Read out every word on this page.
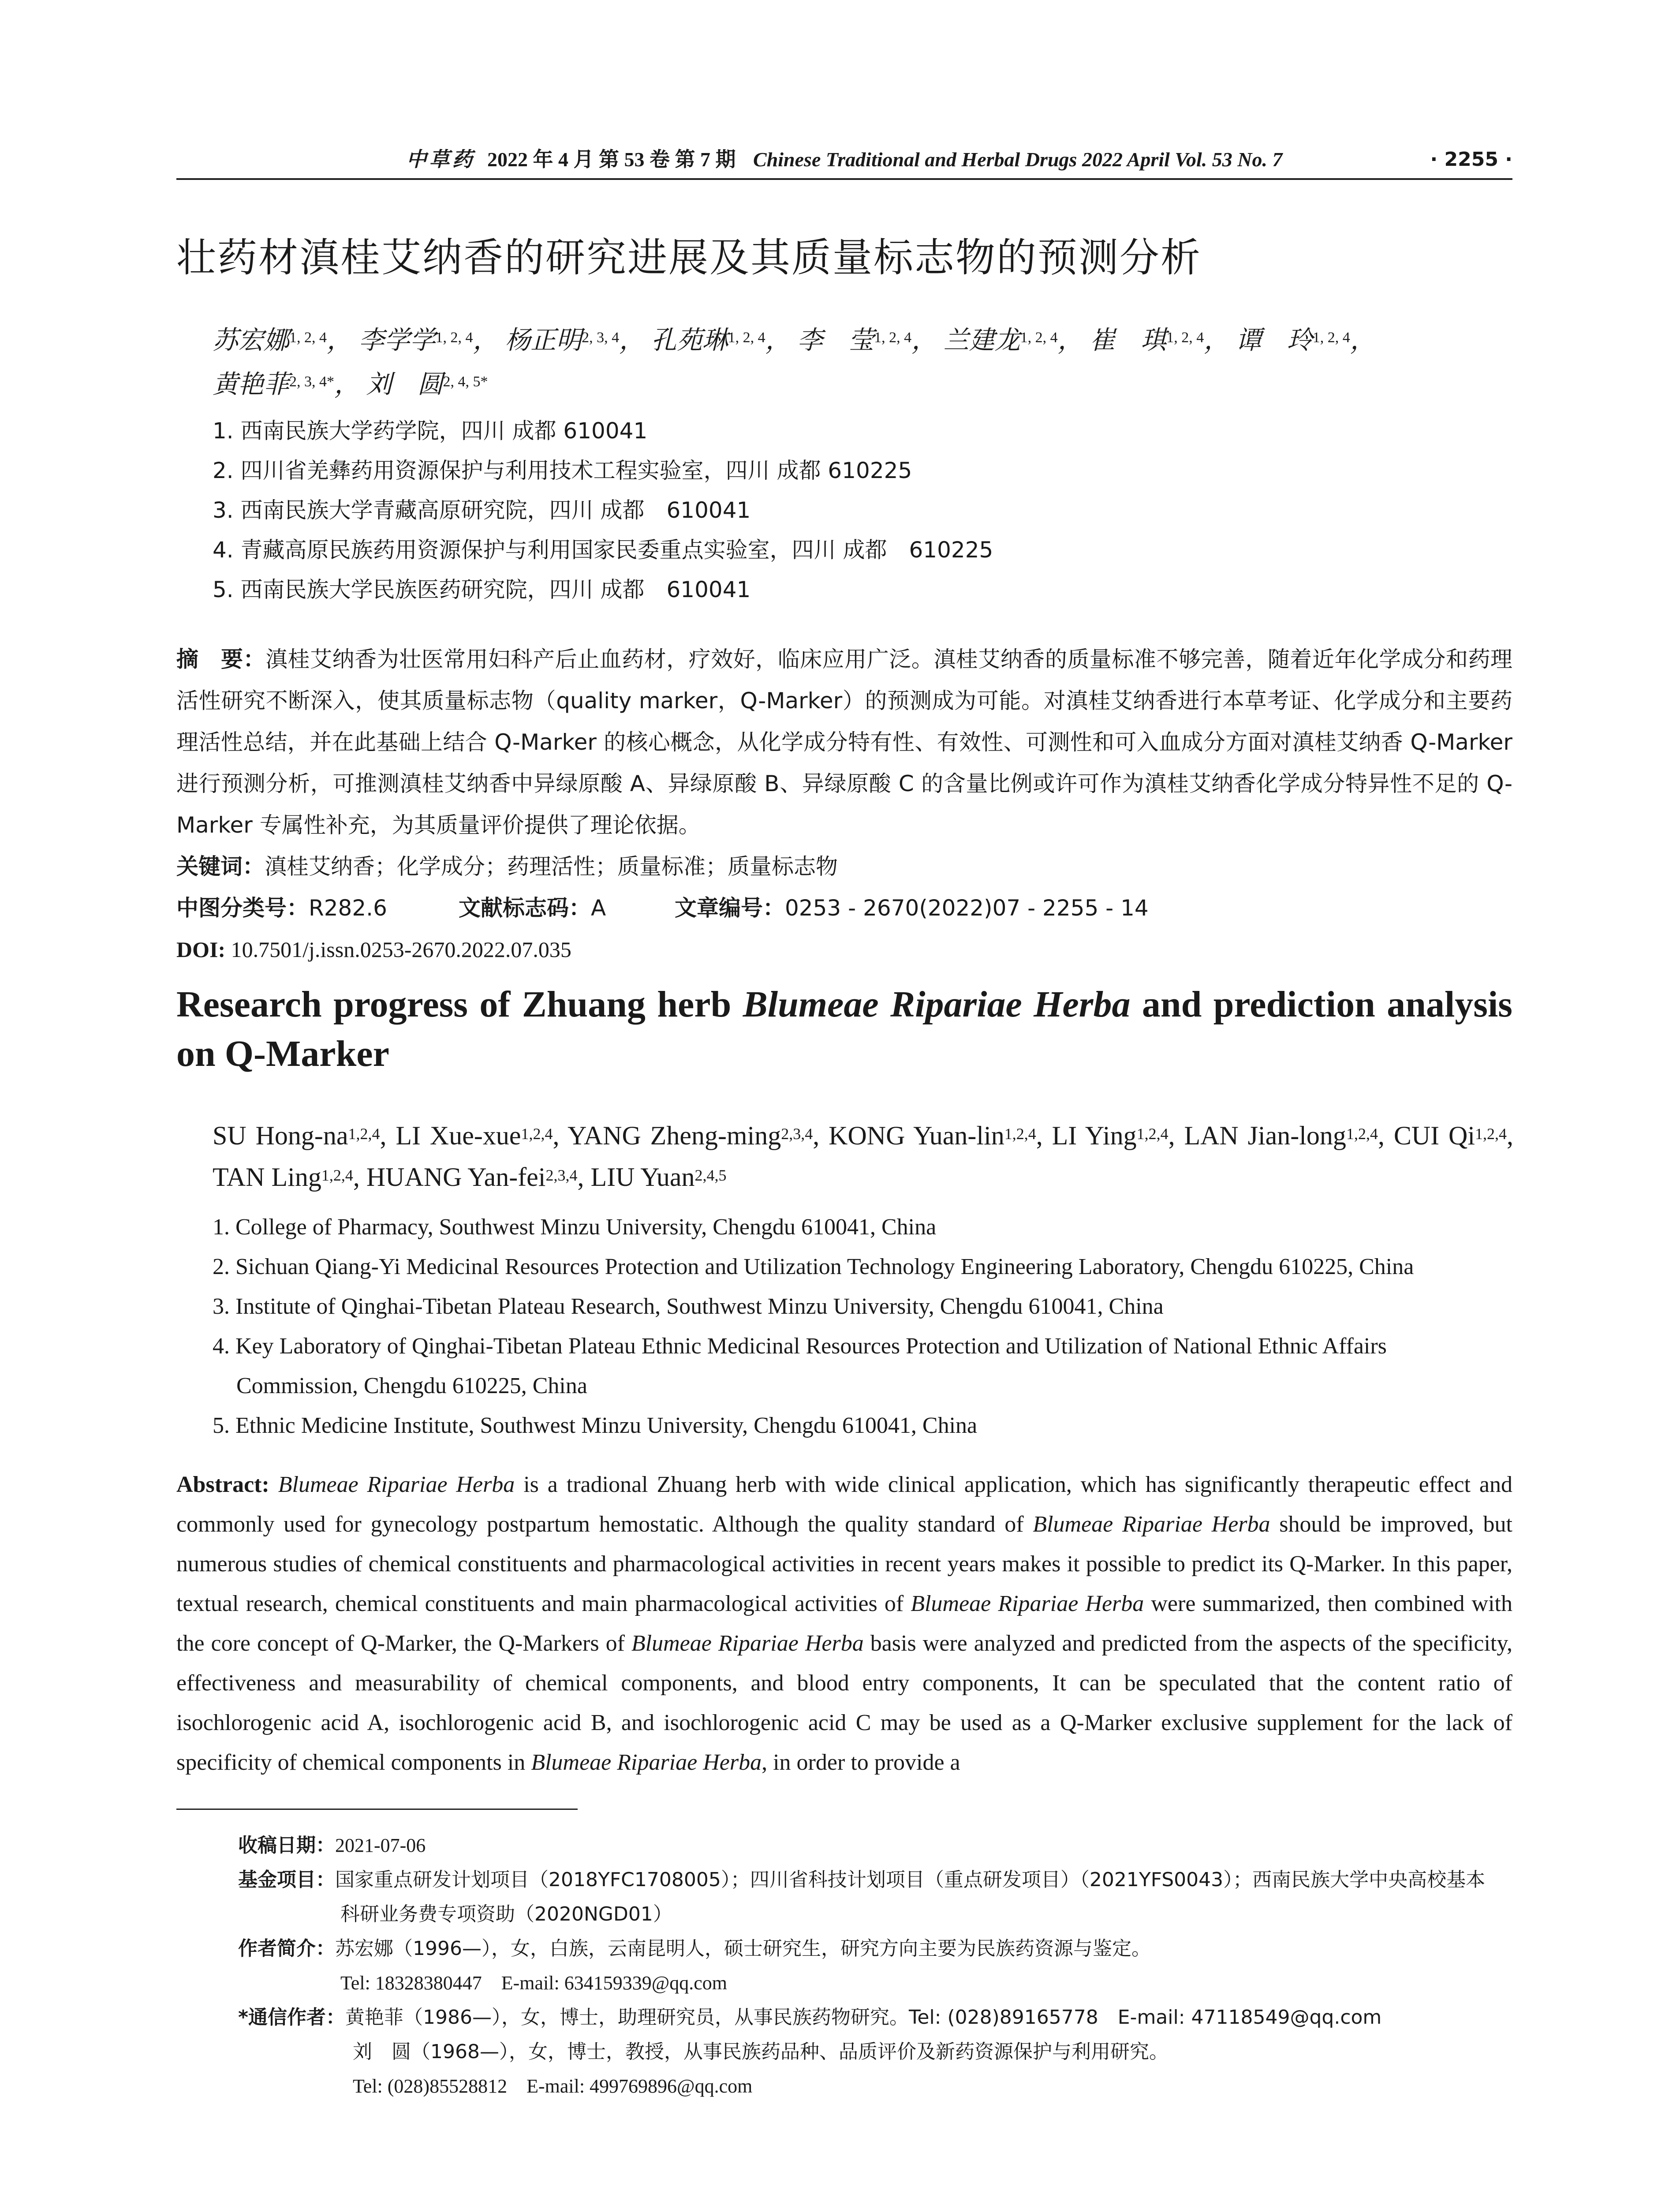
中草药 2022 年 4 月 第 53 卷 第 7 期 Chinese Traditional and Herbal Drugs 2022 April Vol. 53 No. 7	· 2255 ·
壮药材滇桂艾纳香的研究进展及其质量标志物的预测分析
苏宏娜$^{1, 2, 4}$， 李学学$^{1, 2, 4}$， 杨正明$^{2, 3, 4}$， 孔苑琳$^{1, 2, 4}$， 李　莹$^{1, 2, 4}$， 兰建龙$^{1, 2, 4}$， 崔　琪$^{1, 2, 4}$， 谭　玲$^{1, 2, 4}$，
黄艳菲$^{2, 3, 4*}$， 刘　圆$^{2, 4, 5*}$
1. 西南民族大学药学院，四川 成都 610041
2. 四川省羌彝药用资源保护与利用技术工程实验室，四川 成都 610225
3. 西南民族大学青藏高原研究院，四川 成都　610041
4. 青藏高原民族药用资源保护与利用国家民委重点实验室，四川 成都　610225
5. 西南民族大学民族医药研究院，四川 成都　610041
摘　要：滇桂艾纳香为壮医常用妇科产后止血药材，疗效好，临床应用广泛。滇桂艾纳香的质量标准不够完善，随着近年化学成分和药理活性研究不断深入，使其质量标志物（quality marker，Q-Marker）的预测成为可能。对滇桂艾纳香进行本草考证、化学成分和主要药理活性总结，并在此基础上结合 Q-Marker 的核心概念，从化学成分特有性、有效性、可测性和可入血成分方面对滇桂艾纳香 Q-Marker 进行预测分析，可推测滇桂艾纳香中异绿原酸 A、异绿原酸 B、异绿原酸 C 的含量比例或许可作为滇桂艾纳香化学成分特异性不足的 Q-Marker 专属性补充，为其质量评价提供了理论依据。
关键词：滇桂艾纳香；化学成分；药理活性；质量标准；质量标志物
中图分类号：R282.6	文献标志码：A	文章编号：0253 - 2670(2022)07 - 2255 - 14
DOI: 10.7501/j.issn.0253-2670.2022.07.035
Research progress of Zhuang herb Blumeae Ripariae Herba and prediction analysis on Q-Marker
SU Hong-na$^{1,2,4}$, LI Xue-xue$^{1,2,4}$, YANG Zheng-ming$^{2,3,4}$, KONG Yuan-lin$^{1,2,4}$, LI Ying$^{1,2,4}$, LAN Jian-long$^{1,2,4}$, CUI Qi$^{1,2,4}$, TAN Ling$^{1,2,4}$, HUANG Yan-fei$^{2,3,4}$, LIU Yuan$^{2,4,5}$
1. College of Pharmacy, Southwest Minzu University, Chengdu 610041, China
2. Sichuan Qiang-Yi Medicinal Resources Protection and Utilization Technology Engineering Laboratory, Chengdu 610225, China
3. Institute of Qinghai-Tibetan Plateau Research, Southwest Minzu University, Chengdu 610041, China
4. Key Laboratory of Qinghai-Tibetan Plateau Ethnic Medicinal Resources Protection and Utilization of National Ethnic Affairs
Commission, Chengdu 610225, China
5. Ethnic Medicine Institute, Southwest Minzu University, Chengdu 610041, China
Abstract: Blumeae Ripariae Herba is a tradional Zhuang herb with wide clinical application, which has significantly therapeutic effect and commonly used for gynecology postpartum hemostatic. Although the quality standard of Blumeae Ripariae Herba should be improved, but numerous studies of chemical constituents and pharmacological activities in recent years makes it possible to predict its Q-Marker. In this paper, textual research, chemical constituents and main pharmacological activities of Blumeae Ripariae Herba were summarized, then combined with the core concept of Q-Marker, the Q-Markers of Blumeae Ripariae Herba basis were analyzed and predicted from the aspects of the specificity, effectiveness and measurability of chemical components, and blood entry components, It can be speculated that the content ratio of isochlorogenic acid A, isochlorogenic acid B, and isochlorogenic acid C may be used as a Q-Marker exclusive supplement for the lack of specificity of chemical components in Blumeae Ripariae Herba, in order to provide a
收稿日期：2021-07-06
基金项目：国家重点研发计划项目（2018YFC1708005）；四川省科技计划项目（重点研发项目）（2021YFS0043）；西南民族大学中央高校基本
科研业务费专项资助（2020NGD01）
作者简介：苏宏娜（1996—），女，白族，云南昆明人，硕士研究生，研究方向主要为民族药资源与鉴定。
Tel: 18328380447　E-mail: 634159339@qq.com
*通信作者：黄艳菲（1986—），女，博士，助理研究员，从事民族药物研究。Tel: (028)89165778　E-mail: 47118549@qq.com
刘　圆（1968—），女，博士，教授，从事民族药品种、品质评价及新药资源保护与利用研究。
Tel: (028)85528812　E-mail: 499769896@qq.com
